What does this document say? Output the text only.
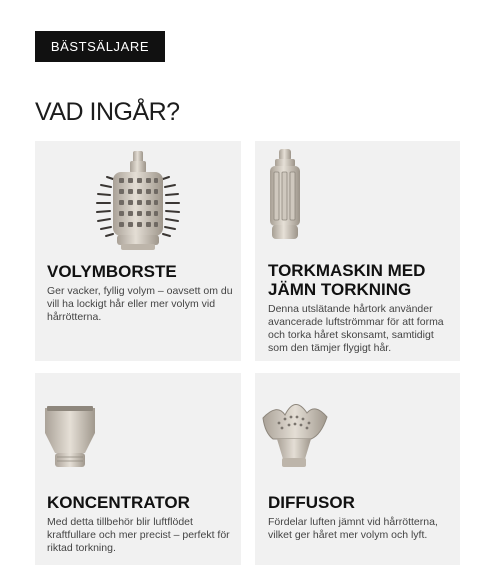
BÄSTSÄLJARE
VAD INGÅR?
VOLYMBORSTE

Ger vacker, fyllig volym – oavsett om du vill ha lockigt hår eller mer volym vid hårrötterna.

TORKMASKIN MED JÄMN TORKNING

Denna utslätande hårtork använder avancerade luftströmmar för att forma och torka håret skonsamt, samtidigt som den tämjer flygigt hår.

KONCENTRATOR

Med detta tillbehör blir luftflödet kraftfullare och mer precist – perfekt för riktad torkning.

DIFFUSOR

Fördelar luften jämnt vid hårrötterna, vilket ger håret mer volym och lyft.
